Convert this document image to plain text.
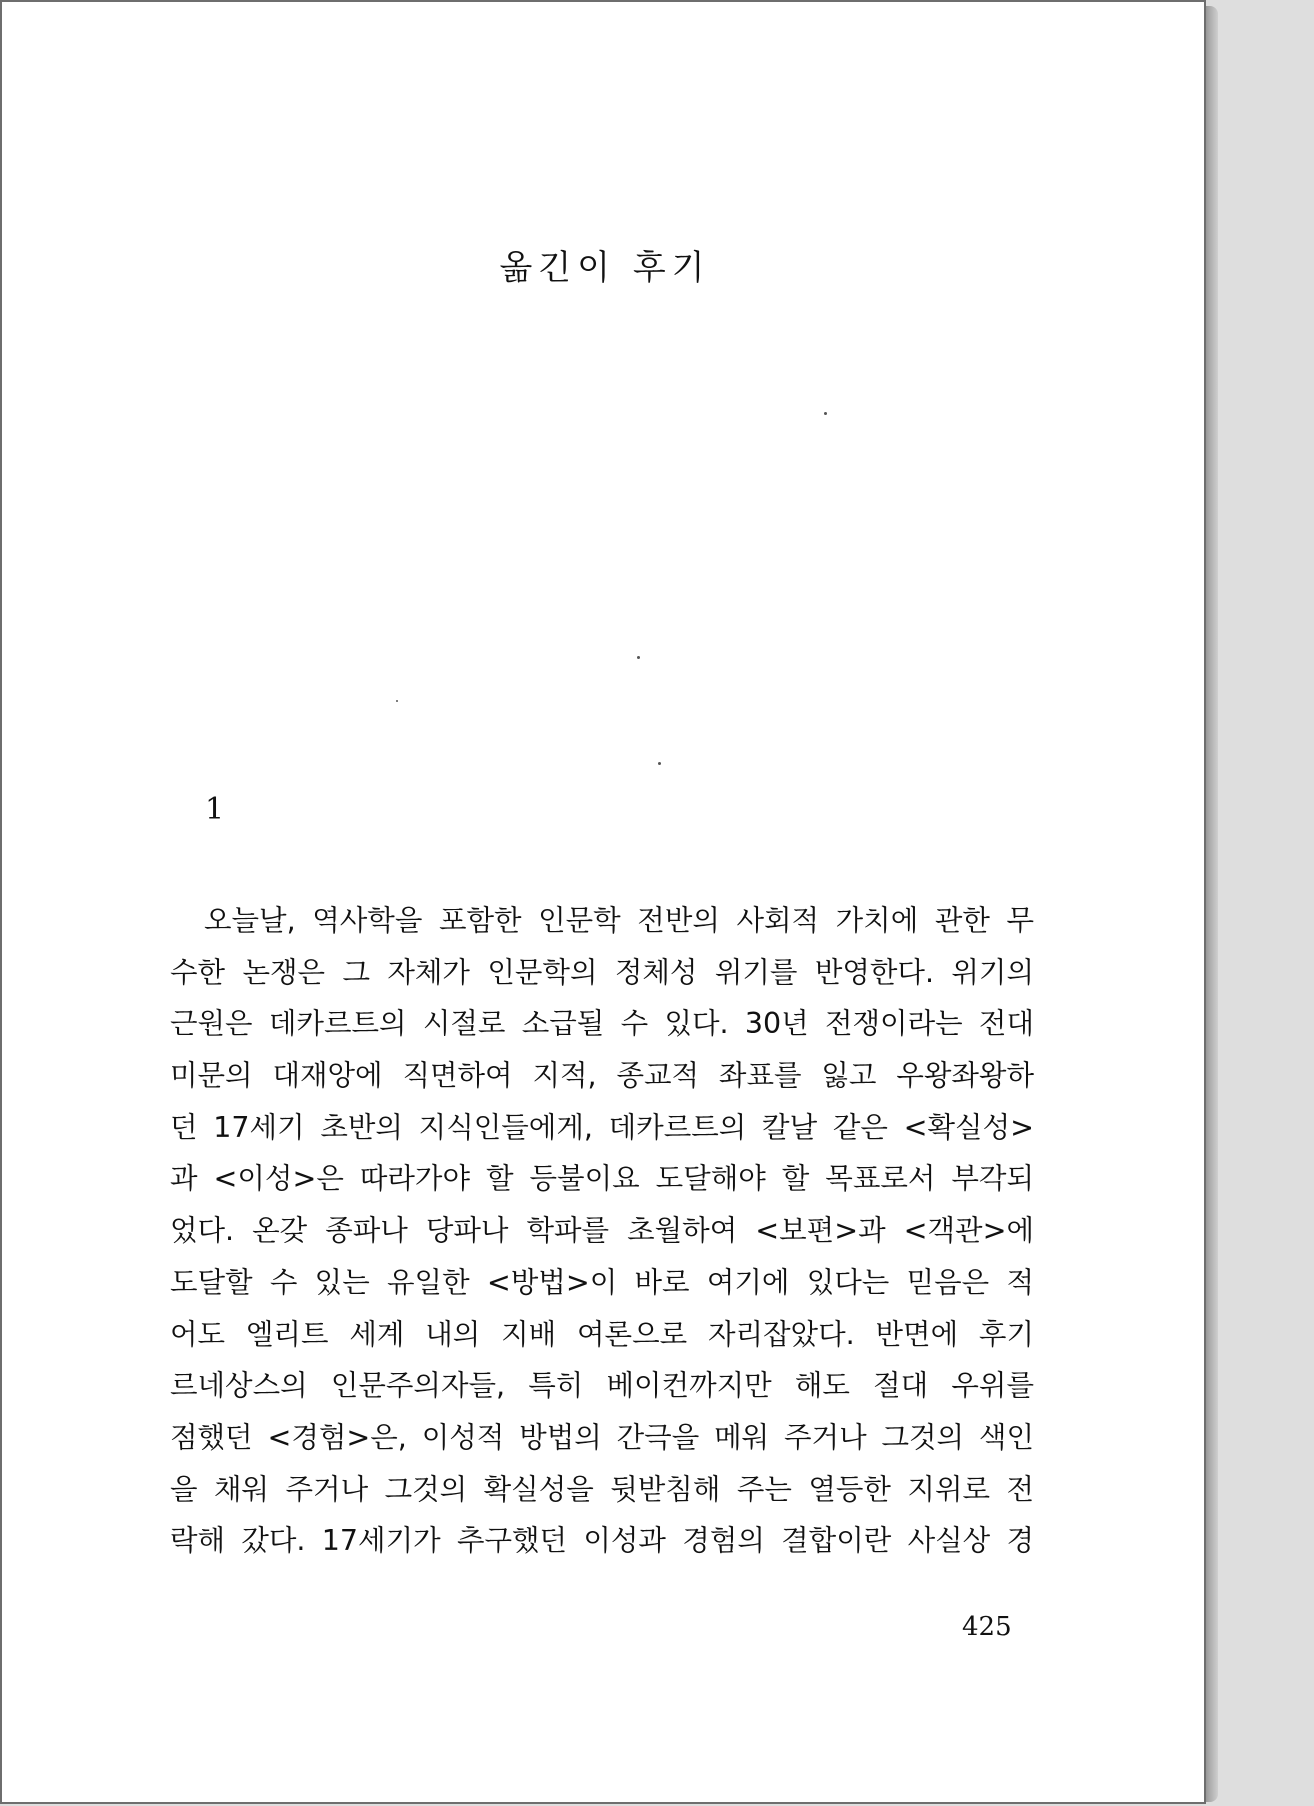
옮긴이 후기
1
오늘날, 역사학을 포함한 인문학 전반의 사회적 가치에 관한 무
수한 논쟁은 그 자체가 인문학의 정체성 위기를 반영한다. 위기의
근원은 데카르트의 시절로 소급될 수 있다. 30년 전쟁이라는 전대
미문의 대재앙에 직면하여 지적, 종교적 좌표를 잃고 우왕좌왕하
던 17세기 초반의 지식인들에게, 데카르트의 칼날 같은 <확실성>
과 <이성>은 따라가야 할 등불이요 도달해야 할 목표로서 부각되
었다. 온갖 종파나 당파나 학파를 초월하여 <보편>과 <객관>에
도달할 수 있는 유일한 <방법>이 바로 여기에 있다는 믿음은 적
어도 엘리트 세계 내의 지배 여론으로 자리잡았다. 반면에 후기
르네상스의 인문주의자들, 특히 베이컨까지만 해도 절대 우위를
점했던 <경험>은, 이성적 방법의 간극을 메워 주거나 그것의 색인
을 채워 주거나 그것의 확실성을 뒷받침해 주는 열등한 지위로 전
락해 갔다. 17세기가 추구했던 이성과 경험의 결합이란 사실상 경
425
